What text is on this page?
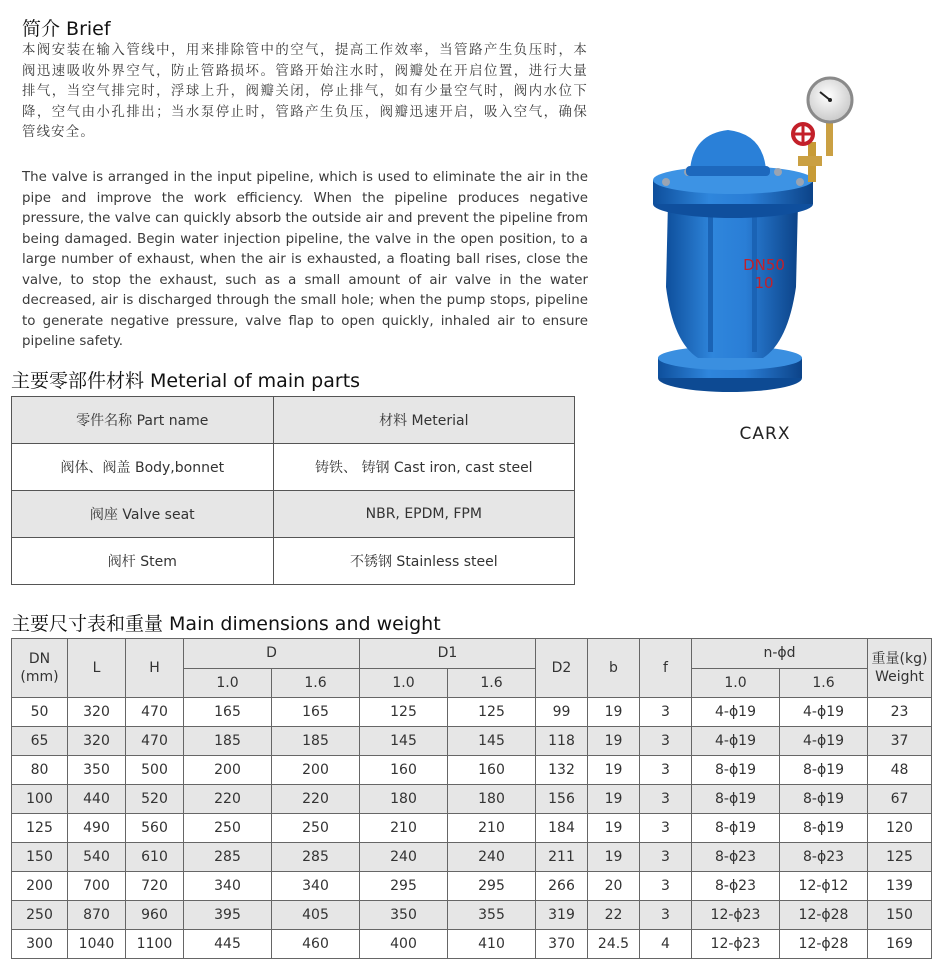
简介 Brief

本阀安装在输入管线中，用来排除管中的空气，提高工作效率，当管路产生负压时，本阀迅速吸收外界空气，防止管路损坏。管路开始注水时，阀瓣处在开启位置，进行大量排气，当空气排完时，浮球上升，阀瓣关闭，停止排气，如有少量空气时，阀内水位下降，空气由小孔排出；当水泵停止时，管路产生负压，阀瓣迅速开启，吸入空气，确保管线安全。

The valve is arranged in the input pipeline, which is used to eliminate the air in the pipe and improve the work efficiency. When the pipeline produces negative pressure, the valve can quickly absorb the outside air and prevent the pipeline from being damaged. Begin water injection pipeline, the valve in the open position, to a large number of exhaust, when the air is exhausted, a floating ball rises, close the valve, to stop the exhaust, such as a small amount of air valve in the water decreased, air is discharged through the small hole; when the pump stops, pipeline to generate negative pressure, valve flap to open quickly, inhaled air to ensure pipeline safety.

DN50
10
CARX
主要零部件材料 Meterial of main parts
零件名称 Part name	材料 Meterial
阀体、阀盖 Body,bonnet	铸铁、 铸钢 Cast iron, cast steel
阀座 Valve seat	NBR, EPDM, FPM
阀杆 Stem	不锈钢 Stainless steel
主要尺寸表和重量 Main dimensions and weight
DN
(mm)	L	H	D		D1		D2	b	f	n-ϕd		重量(kg)
Weight
			1.0	1.6	1.0	1.6				1.0	1.6	
50	320	470	165	165	125	125	99	19	3	4-ϕ19	4-ϕ19	23
65	320	470	185	185	145	145	118	19	3	4-ϕ19	4-ϕ19	37
80	350	500	200	200	160	160	132	19	3	8-ϕ19	8-ϕ19	48
100	440	520	220	220	180	180	156	19	3	8-ϕ19	8-ϕ19	67
125	490	560	250	250	210	210	184	19	3	8-ϕ19	8-ϕ19	120
150	540	610	285	285	240	240	211	19	3	8-ϕ23	8-ϕ23	125
200	700	720	340	340	295	295	266	20	3	8-ϕ23	12-ϕ12	139
250	870	960	395	405	350	355	319	22	3	12-ϕ23	12-ϕ28	150
300	1040	1100	445	460	400	410	370	24.5	4	12-ϕ23	12-ϕ28	169
